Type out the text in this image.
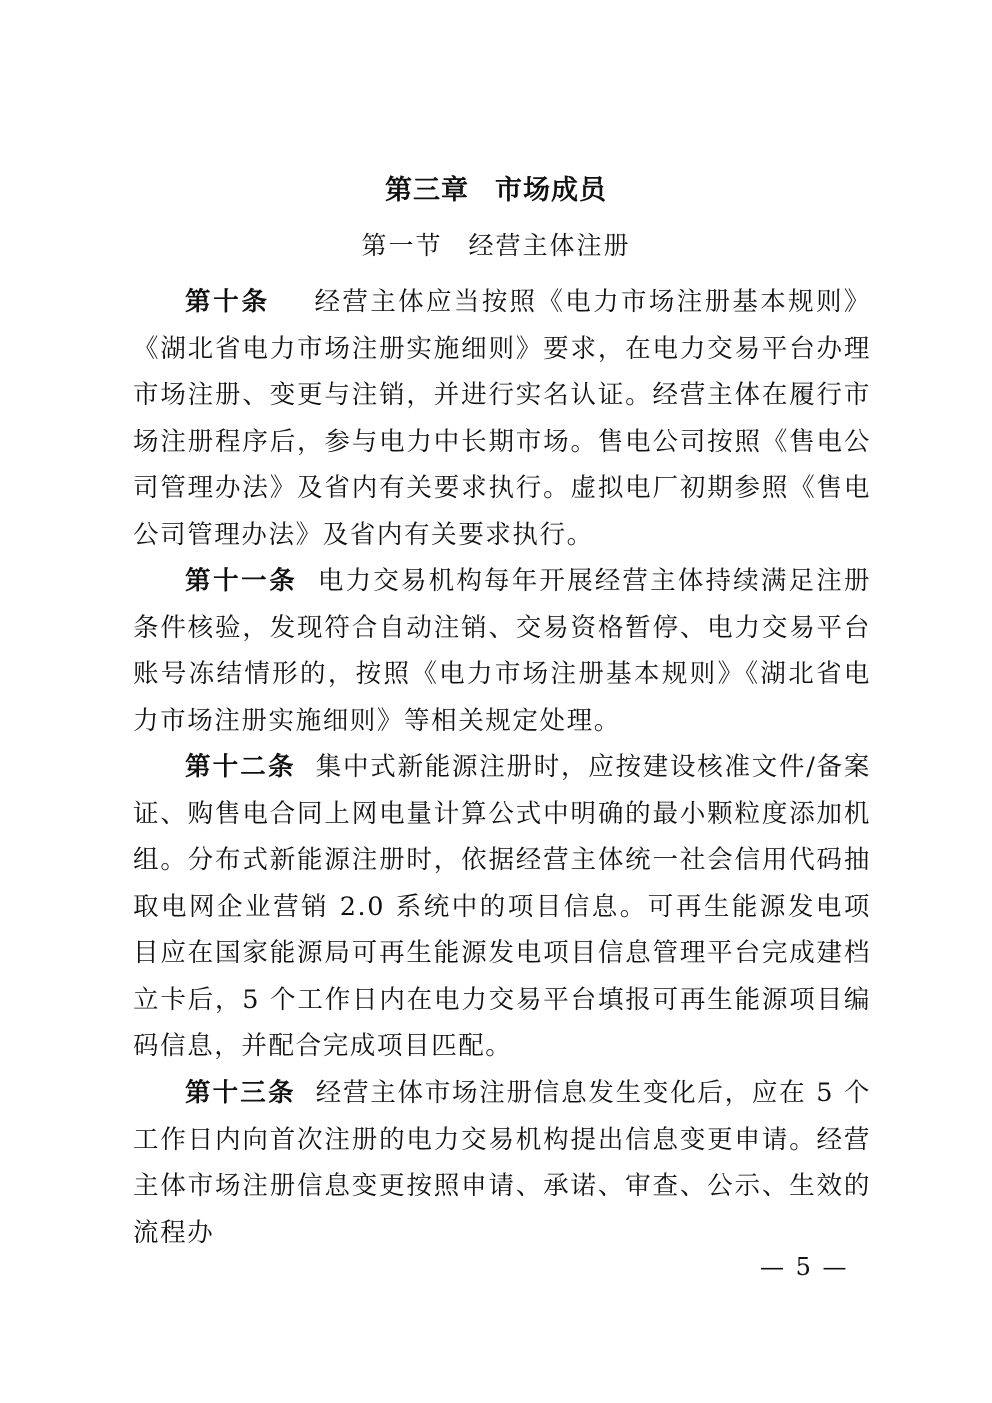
第三章 市场成员
第一节 经营主体注册

第十条 经营主体应当按照《电力市场注册基本规则》《湖北省电力市场注册实施细则》要求，在电力交易平台办理市场注册、变更与注销，并进行实名认证。经营主体在履行市场注册程序后，参与电力中长期市场。售电公司按照《售电公司管理办法》及省内有关要求执行。虚拟电厂初期参照《售电公司管理办法》及省内有关要求执行。

第十一条 电力交易机构每年开展经营主体持续满足注册条件核验，发现符合自动注销、交易资格暂停、电力交易平台账号冻结情形的，按照《电力市场注册基本规则》《湖北省电力市场注册实施细则》等相关规定处理。

第十二条 集中式新能源注册时，应按建设核准文件/备案证、购售电合同上网电量计算公式中明确的最小颗粒度添加机组。分布式新能源注册时，依据经营主体统一社会信用代码抽取电网企业营销 2.0 系统中的项目信息。可再生能源发电项目应在国家能源局可再生能源发电项目信息管理平台完成建档立卡后，5 个工作日内在电力交易平台填报可再生能源项目编码信息，并配合完成项目匹配。

第十三条 经营主体市场注册信息发生变化后，应在 5 个工作日内向首次注册的电力交易机构提出信息变更申请。经营主体市场注册信息变更按照申请、承诺、审查、公示、生效的流程办

— 5 —
